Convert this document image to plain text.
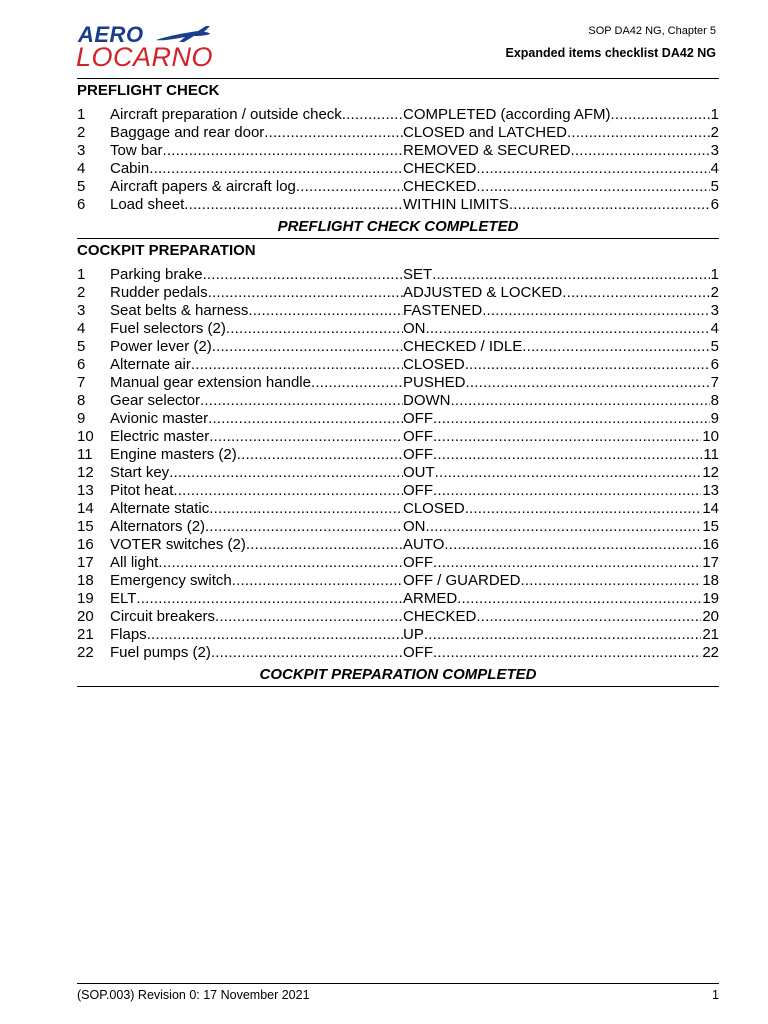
AERO
LOCARNO
SOP DA42 NG, Chapter 5
Expanded items checklist DA42 NG
PREFLIGHT CHECK
1	Aircraft preparation / outside check .....	COMPLETED (according AFM) .....	1
2	Baggage and rear door .....	CLOSED and LATCHED .....	2
3	Tow bar .....	REMOVED & SECURED .....	3
4	Cabin .....	CHECKED .....	4
5	Aircraft papers & aircraft log .....	CHECKED .....	5
6	Load sheet .....	WITHIN LIMITS .....	6
PREFLIGHT CHECK COMPLETED
COCKPIT PREPARATION
1	Parking brake .....	SET .....	1
2	Rudder pedals .....	ADJUSTED & LOCKED .....	2
3	Seat belts & harness .....	FASTENED .....	3
4	Fuel selectors (2) .....	ON .....	4
5	Power lever (2) .....	CHECKED / IDLE .....	5
6	Alternate air .....	CLOSED .....	6
7	Manual gear extension handle .....	PUSHED .....	7
8	Gear selector .....	DOWN .....	8
9	Avionic master .....	OFF .....	9
10	Electric master .....	OFF .....	10
11	Engine masters (2) .....	OFF .....	11
12	Start key .....	OUT .....	12
13	Pitot heat .....	OFF .....	13
14	Alternate static .....	CLOSED .....	14
15	Alternators (2) .....	ON .....	15
16	VOTER switches (2) .....	AUTO .....	16
17	All light .....	OFF .....	17
18	Emergency switch .....	OFF / GUARDED .....	18
19	ELT .....	ARMED .....	19
20	Circuit breakers .....	CHECKED .....	20
21	Flaps .....	UP .....	21
22	Fuel pumps (2) .....	OFF .....	22
COCKPIT PREPARATION COMPLETED
(SOP.003) Revision 0: 17 November 2021	1
